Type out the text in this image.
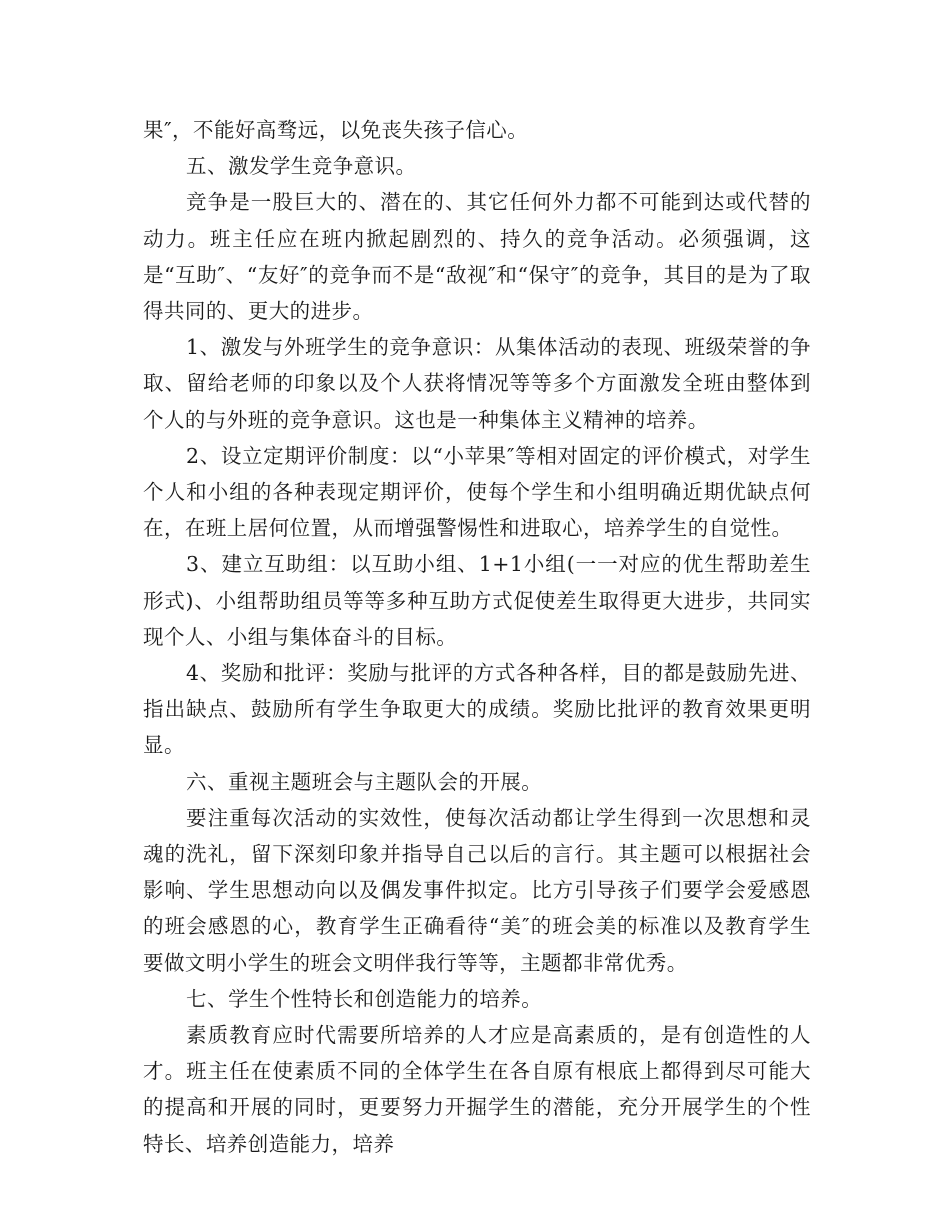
果″，不能好高骛远，以免丧失孩子信心。

五、激发学生竞争意识。

竞争是一股巨大的、潜在的、其它任何外力都不可能到达或代替的动力。班主任应在班内掀起剧烈的、持久的竞争活动。必须强调，这是“互助″、“友好″的竞争而不是“敌视″和“保守″的竞争，其目的是为了取得共同的、更大的进步。

1、激发与外班学生的竞争意识：从集体活动的表现、班级荣誉的争取、留给老师的印象以及个人获将情况等等多个方面激发全班由整体到个人的与外班的竞争意识。这也是一种集体主义精神的培养。

2、设立定期评价制度：以“小苹果″等相对固定的评价模式，对学生个人和小组的各种表现定期评价，使每个学生和小组明确近期优缺点何在，在班上居何位置，从而增强警惕性和进取心，培养学生的自觉性。

3、建立互助组：以互助小组、1+1小组(一一对应的优生帮助差生形式)、小组帮助组员等等多种互助方式促使差生取得更大进步，共同实现个人、小组与集体奋斗的目标。

4、奖励和批评：奖励与批评的方式各种各样，目的都是鼓励先进、指出缺点、鼓励所有学生争取更大的成绩。奖励比批评的教育效果更明显。

六、重视主题班会与主题队会的开展。

要注重每次活动的实效性，使每次活动都让学生得到一次思想和灵魂的洗礼，留下深刻印象并指导自己以后的言行。其主题可以根据社会影响、学生思想动向以及偶发事件拟定。比方引导孩子们要学会爱感恩的班会感恩的心，教育学生正确看待“美″的班会美的标准以及教育学生要做文明小学生的班会文明伴我行等等，主题都非常优秀。

七、学生个性特长和创造能力的培养。

素质教育应时代需要所培养的人才应是高素质的，是有创造性的人才。班主任在使素质不同的全体学生在各自原有根底上都得到尽可能大的提高和开展的同时，更要努力开掘学生的潜能，充分开展学生的个性特长、培养创造能力，培养
